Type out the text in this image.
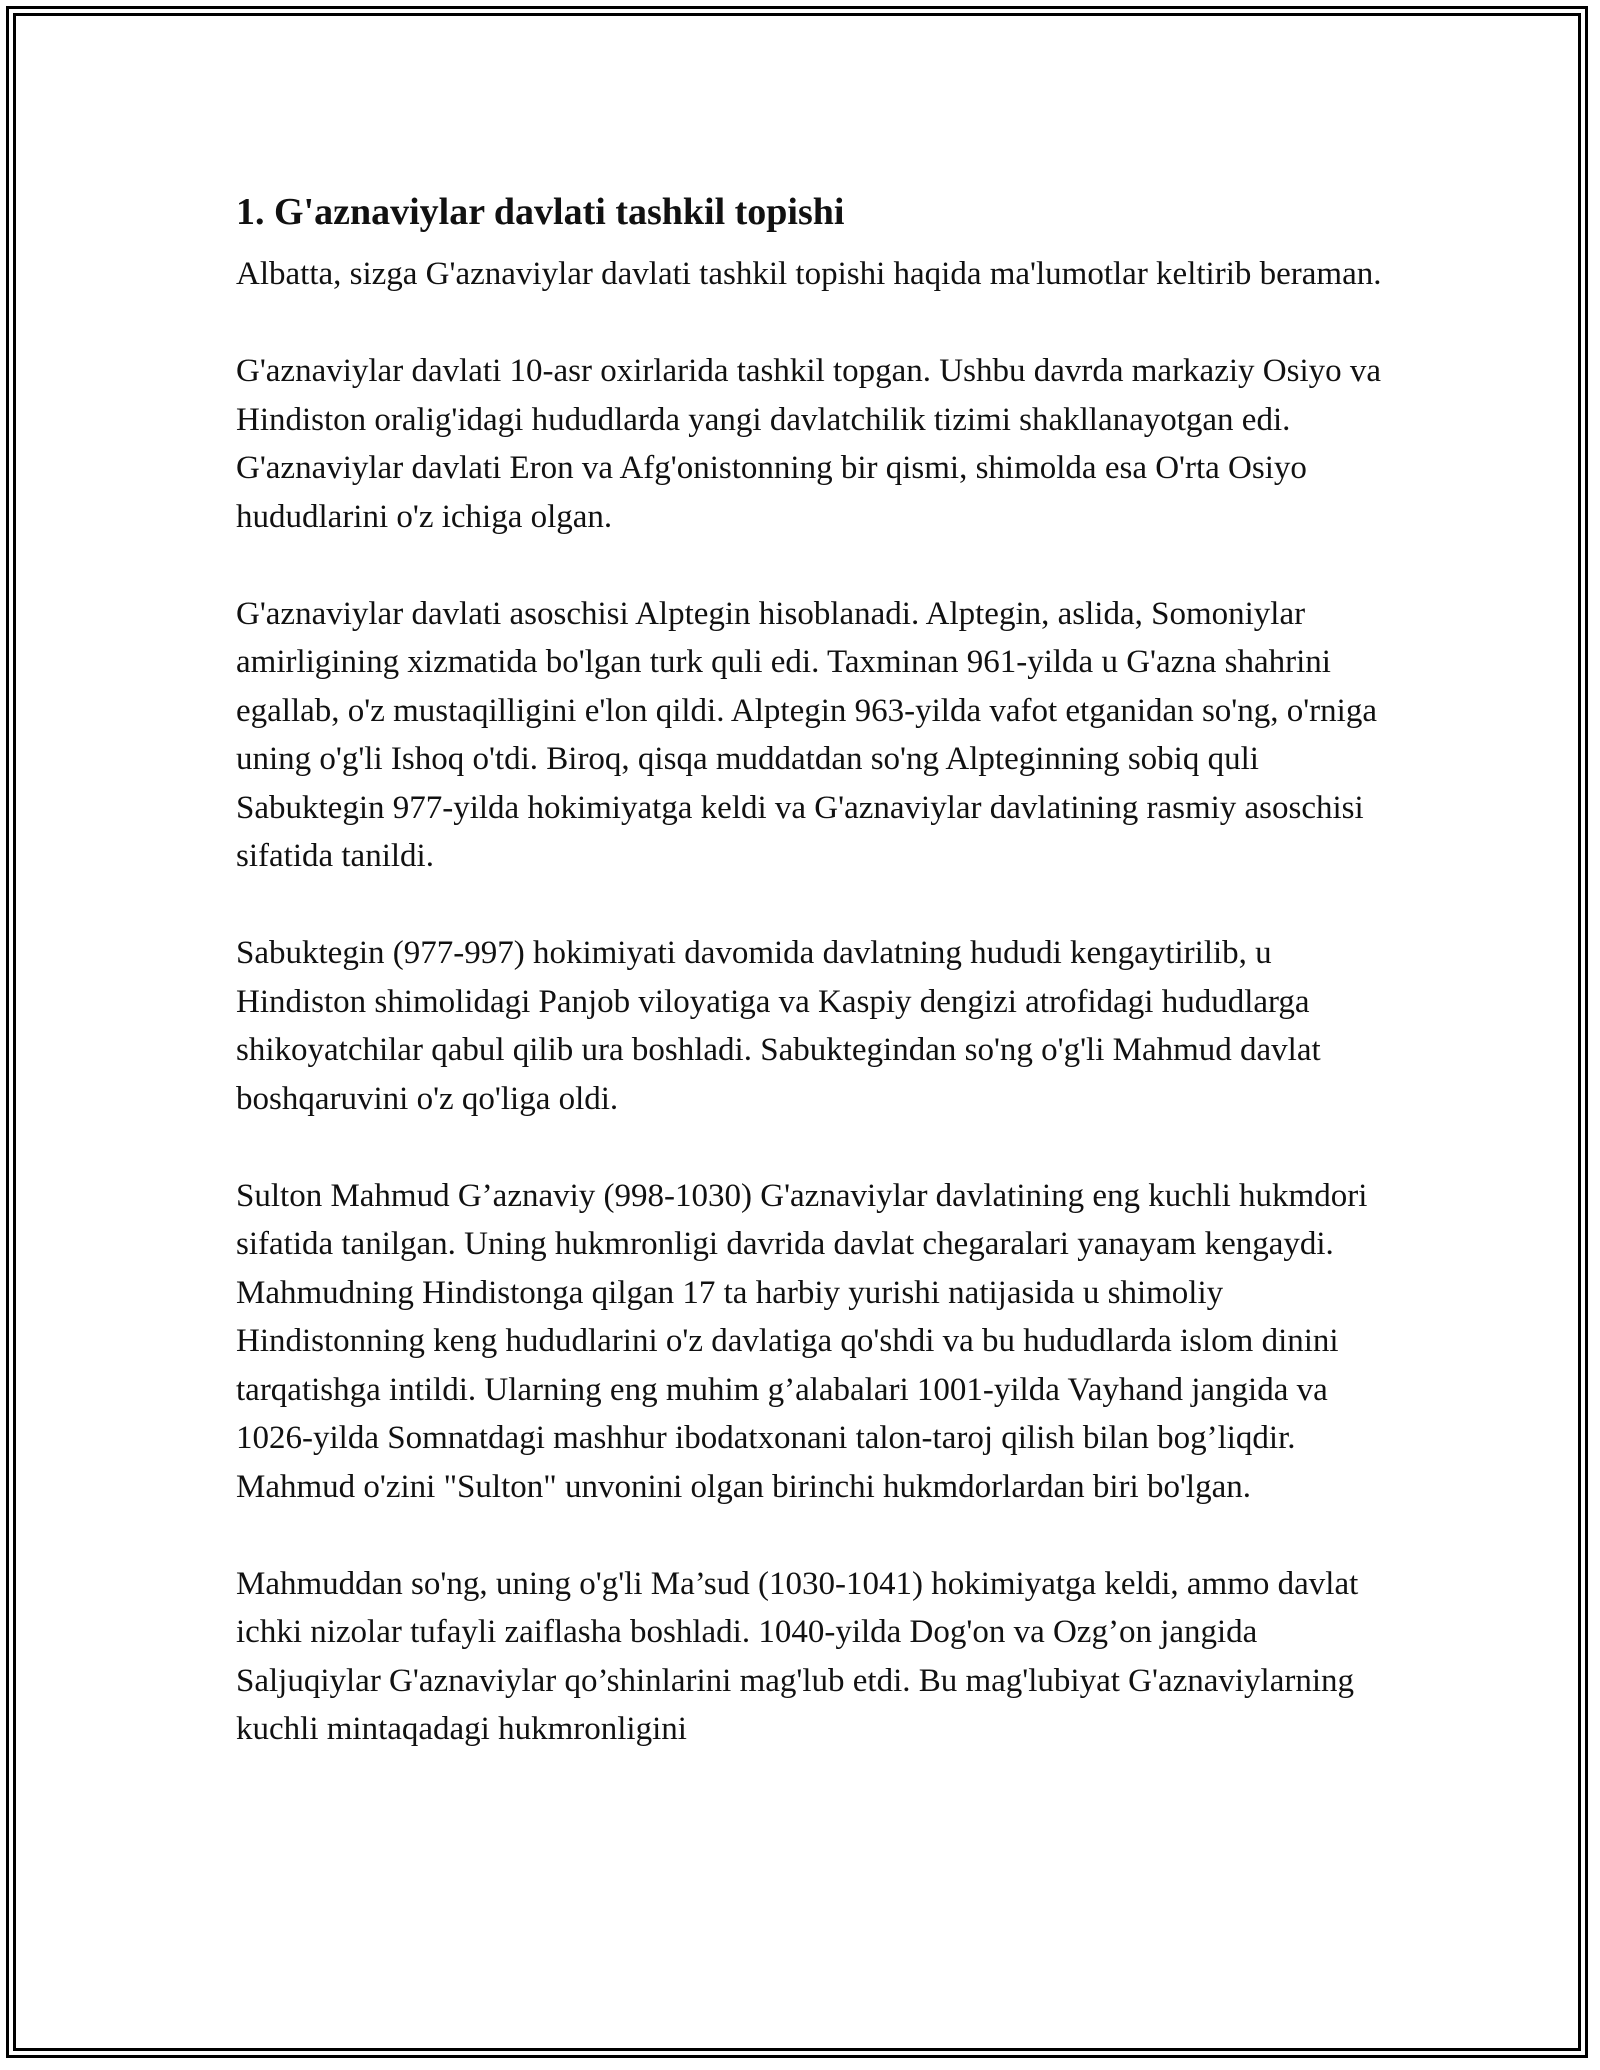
1. G'aznaviylar davlati tashkil topishi

Albatta, sizga G'aznaviylar davlati tashkil topishi haqida ma'lumotlar keltirib beraman.

G'aznaviylar davlati 10-asr oxirlarida tashkil topgan. Ushbu davrda markaziy Osiyo va Hindiston oralig'idagi hududlarda yangi davlatchilik tizimi shakllanayotgan edi. G'aznaviylar davlati Eron va Afg'onistonning bir qismi, shimolda esa O'rta Osiyo hududlarini o'z ichiga olgan.

G'aznaviylar davlati asoschisi Alptegin hisoblanadi. Alptegin, aslida, Somoniylar amirligining xizmatida bo'lgan turk quli edi. Taxminan 961-yilda u G'azna shahrini egallab, o'z mustaqilligini e'lon qildi. Alptegin 963-yilda vafot etganidan so'ng, o'rniga uning o'g'li Ishoq o'tdi. Biroq, qisqa muddatdan so'ng Alpteginning sobiq quli Sabuktegin 977-yilda hokimiyatga keldi va G'aznaviylar davlatining rasmiy asoschisi sifatida tanildi.

Sabuktegin (977-997) hokimiyati davomida davlatning hududi kengaytirilib, u Hindiston shimolidagi Panjob viloyatiga va Kaspiy dengizi atrofidagi hududlarga shikoyatchilar qabul qilib ura boshladi. Sabuktegindan so'ng o'g'li Mahmud davlat boshqaruvini o'z qo'liga oldi.

Sulton Mahmud G’aznaviy (998-1030) G'aznaviylar davlatining eng kuchli hukmdori sifatida tanilgan. Uning hukmronligi davrida davlat chegaralari yanayam kengaydi. Mahmudning Hindistonga qilgan 17 ta harbiy yurishi natijasida u shimoliy Hindistonning keng hududlarini o'z davlatiga qo'shdi va bu hududlarda islom dinini tarqatishga intildi. Ularning eng muhim g’alabalari 1001-yilda Vayhand jangida va 1026-yilda Somnatdagi mashhur ibodatxonani talon-taroj qilish bilan bog’liqdir. Mahmud o'zini "Sulton" unvonini olgan birinchi hukmdorlardan biri bo'lgan.

Mahmuddan so'ng, uning o'g'li Ma’sud (1030-1041) hokimiyatga keldi, ammo davlat ichki nizolar tufayli zaiflasha boshladi. 1040-yilda Dog'on va Ozg’on jangida Saljuqiylar G'aznaviylar qo’shinlarini mag'lub etdi. Bu mag'lubiyat G'aznaviylarning kuchli mintaqadagi hukmronligini
